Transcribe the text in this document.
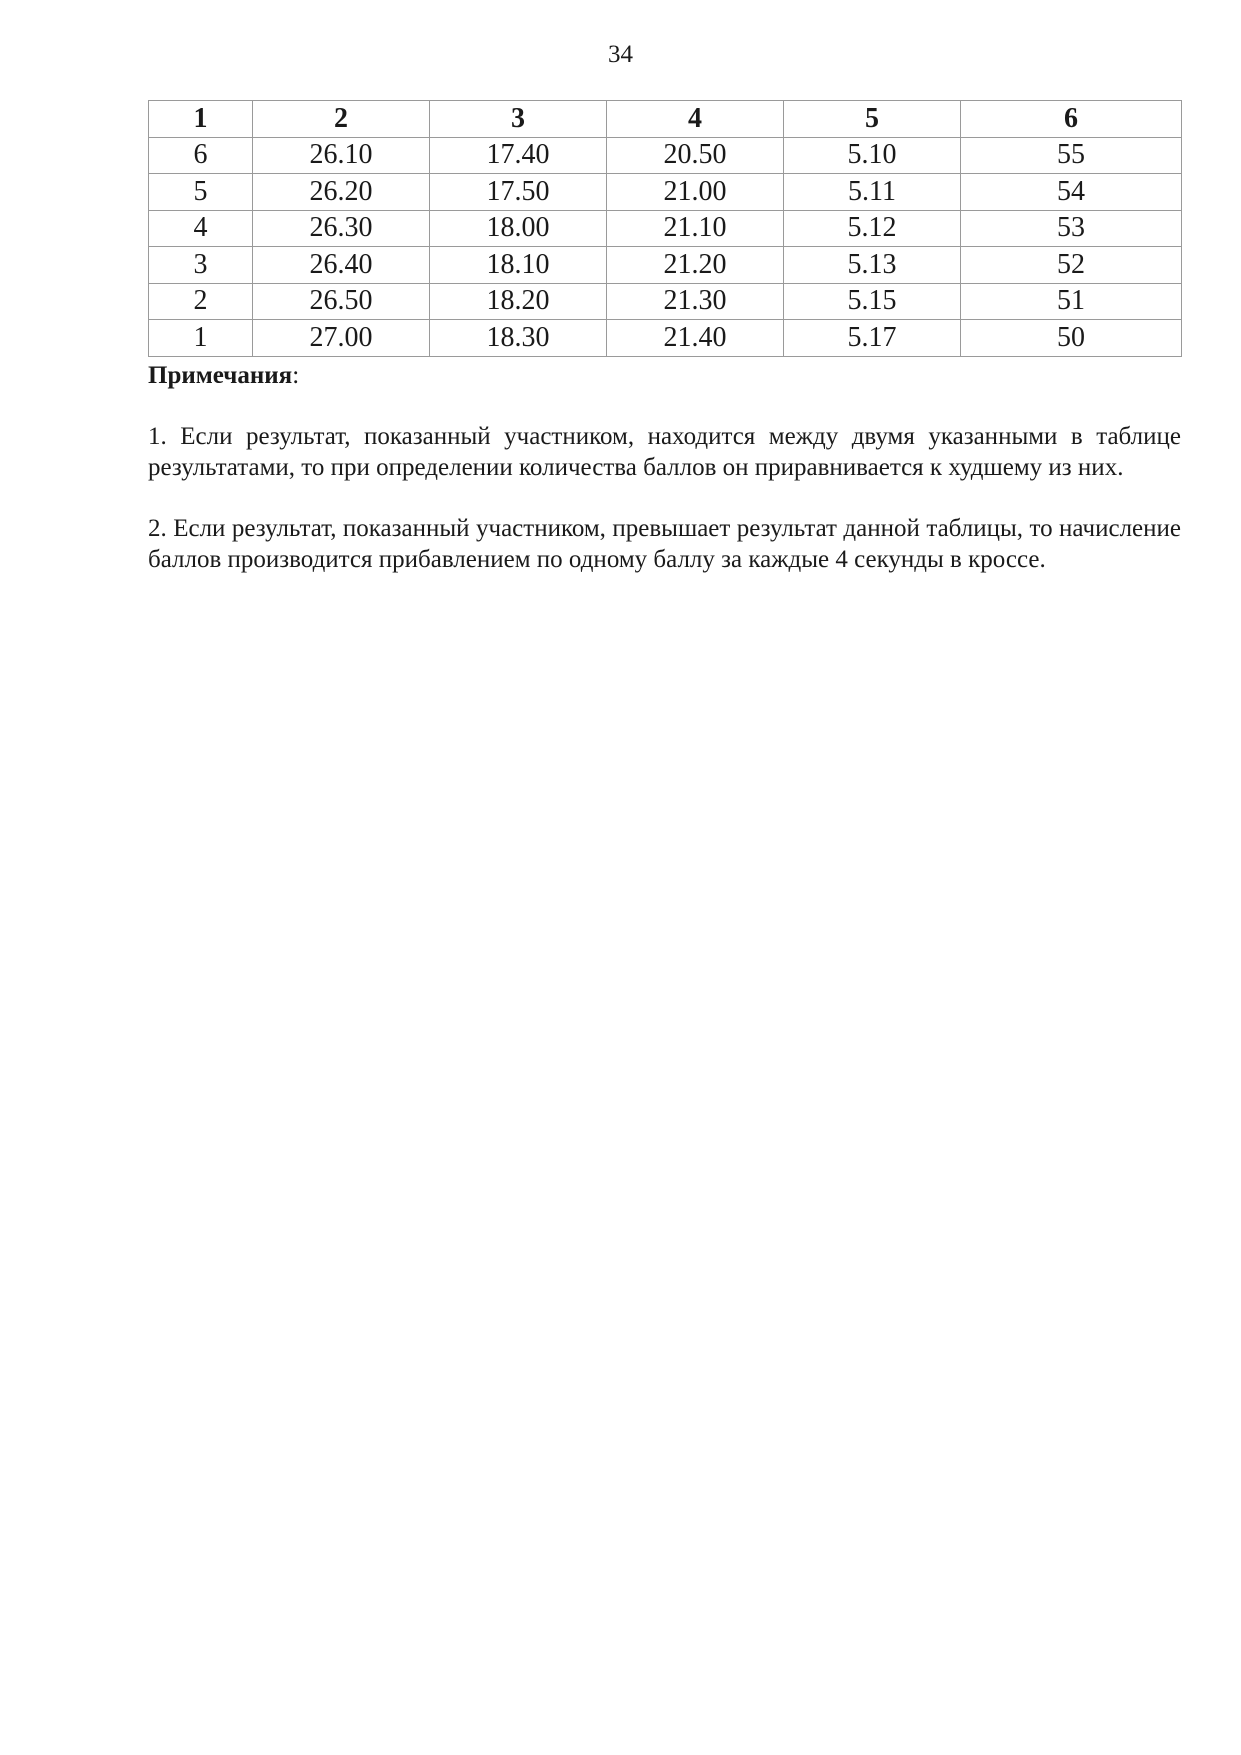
34
1	2	3	4	5	6
6	26.10	17.40	20.50	5.10	55
5	26.20	17.50	21.00	5.11	54
4	26.30	18.00	21.10	5.12	53
3	26.40	18.10	21.20	5.13	52
2	26.50	18.20	21.30	5.15	51
1	27.00	18.30	21.40	5.17	50

Примечания:

1. Если результат, показанный участником, находится между двумя указанными в таблице результатами, то при определении количества баллов он приравнивается к худшему из них.

2. Если результат, показанный участником, превышает результат данной таблицы, то начисление баллов производится прибавлением по одному баллу за каждые 4 секунды в кроссе.
